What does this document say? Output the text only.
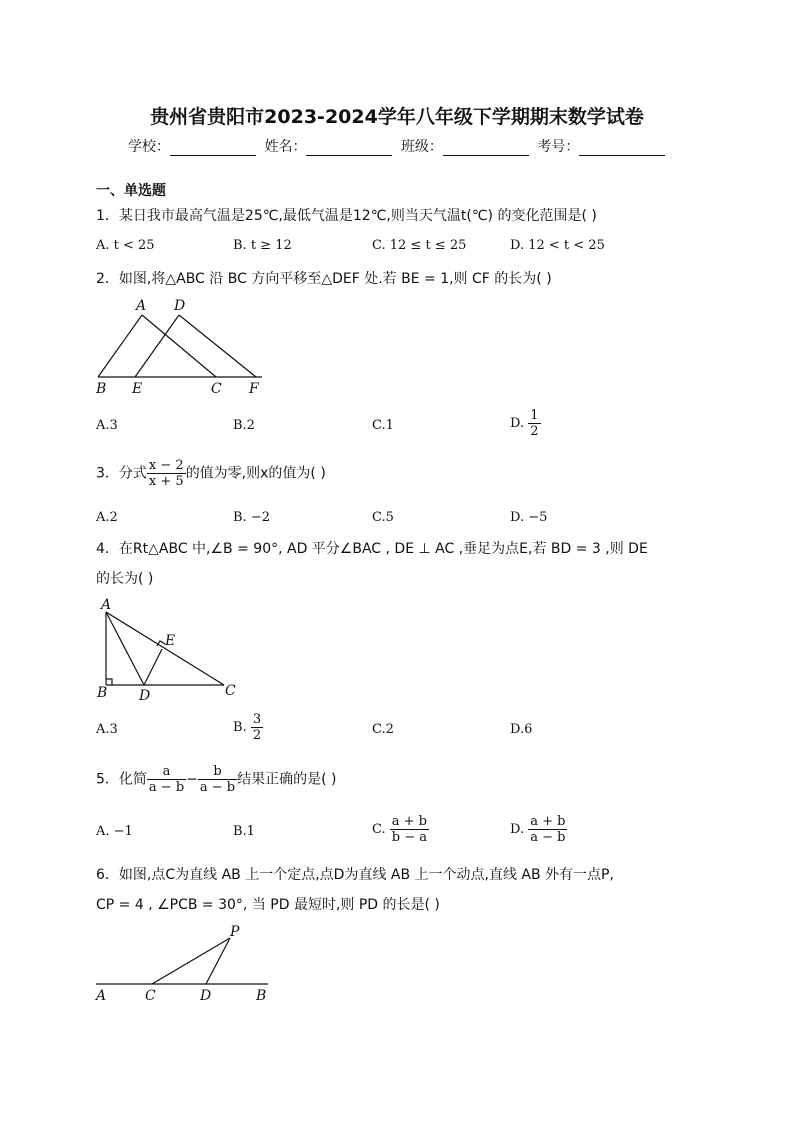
贵州省贵阳市2023-2024学年八年级下学期期末数学试卷
学校：	姓名：	班级：	考号：
一、单选题
1．某日我市最高气温是25℃,最低气温是12℃,则当天气温t(℃) 的变化范围是( )
A. t < 25	B. t ≥ 12	C. 12 ≤ t ≤ 25	D. 12 < t < 25
2．如图,将△ABC 沿 BC 方向平移至△DEF 处.若 BE = 1,则 CF 的长为( )
A D
B E	C F
A.3	B.2	C.1	D. $\frac{1}{2}$
3．分式 $\frac{x - 2}{x + 5}$ 的值为零,则x的值为( )
A.2	B. −2	C.5	D. −5
4．在Rt△ABC 中,∠B = 90°, AD 平分∠BAC , DE ⊥ AC ,垂足为点E,若 BD = 3 ,则 DE
的长为( )
A
E
B D	C
A.3	B. $\frac{3}{2}$	C.2	D.6
5．化简 $\frac{a}{a - b} - \frac{b}{a - b}$ 结果正确的是( )
A. −1	B.1	C. $\frac{a + b}{b - a}$	D. $\frac{a + b}{a - b}$
6．如图,点C为直线 AB 上一个定点,点D为直线 AB 上一个动点,直线 AB 外有一点P,
CP = 4 , ∠PCB = 30°, 当 PD 最短时,则 PD 的长是( )
P
A	C	D	B
